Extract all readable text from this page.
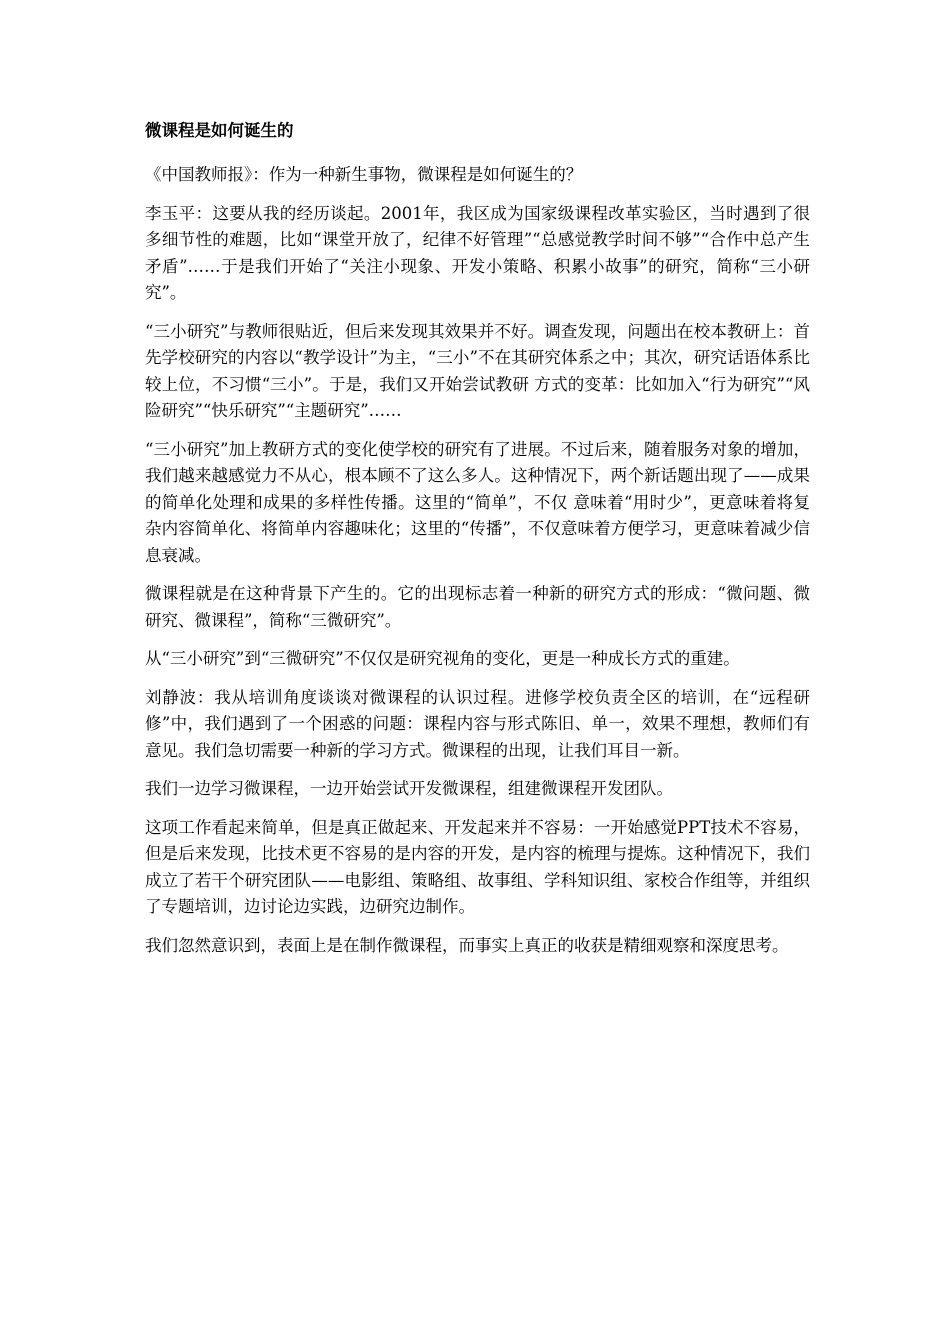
微课程是如何诞生的

《中国教师报》：作为一种新生事物，微课程是如何诞生的？

李玉平：这要从我的经历谈起。2001年，我区成为国家级课程改革实验区，当时遇到了很多细节性的难题，比如“课堂开放了，纪律不好管理”“总感觉教学时间不够”“合作中总产生矛盾”……于是我们开始了“关注小现象、开发小策略、积累小故事”的研究，简称“三小研究”。

“三小研究”与教师很贴近，但后来发现其效果并不好。调查发现，问题出在校本教研上：首先学校研究的内容以“教学设计”为主，“三小”不在其研究体系之中；其次，研究话语体系比较上位，不习惯“三小”。于是，我们又开始尝试教研 方式的变革：比如加入“行为研究”“风险研究”“快乐研究”“主题研究”……

“三小研究”加上教研方式的变化使学校的研究有了进展。不过后来，随着服务对象的增加，我们越来越感觉力不从心，根本顾不了这么多人。这种情况下，两个新话题出现了——成果的简单化处理和成果的多样性传播。这里的“简单”，不仅 意味着“用时少”，更意味着将复杂内容简单化、将简单内容趣味化；这里的“传播”，不仅意味着方便学习，更意味着减少信息衰减。

微课程就是在这种背景下产生的。它的出现标志着一种新的研究方式的形成：“微问题、微研究、微课程”，简称“三微研究”。

从“三小研究”到“三微研究”不仅仅是研究视角的变化，更是一种成长方式的重建。

刘静波：我从培训角度谈谈对微课程的认识过程。进修学校负责全区的培训，在“远程研修”中，我们遇到了一个困惑的问题：课程内容与形式陈旧、单一，效果不理想，教师们有意见。我们急切需要一种新的学习方式。微课程的出现，让我们耳目一新。

我们一边学习微课程，一边开始尝试开发微课程，组建微课程开发团队。

这项工作看起来简单，但是真正做起来、开发起来并不容易：一开始感觉PPT技术不容易，但是后来发现，比技术更不容易的是内容的开发，是内容的梳理与提炼。这种情况下，我们成立了若干个研究团队——电影组、策略组、故事组、学科知识组、家校合作组等，并组织了专题培训，边讨论边实践，边研究边制作。

我们忽然意识到，表面上是在制作微课程，而事实上真正的收获是精细观察和深度思考。
